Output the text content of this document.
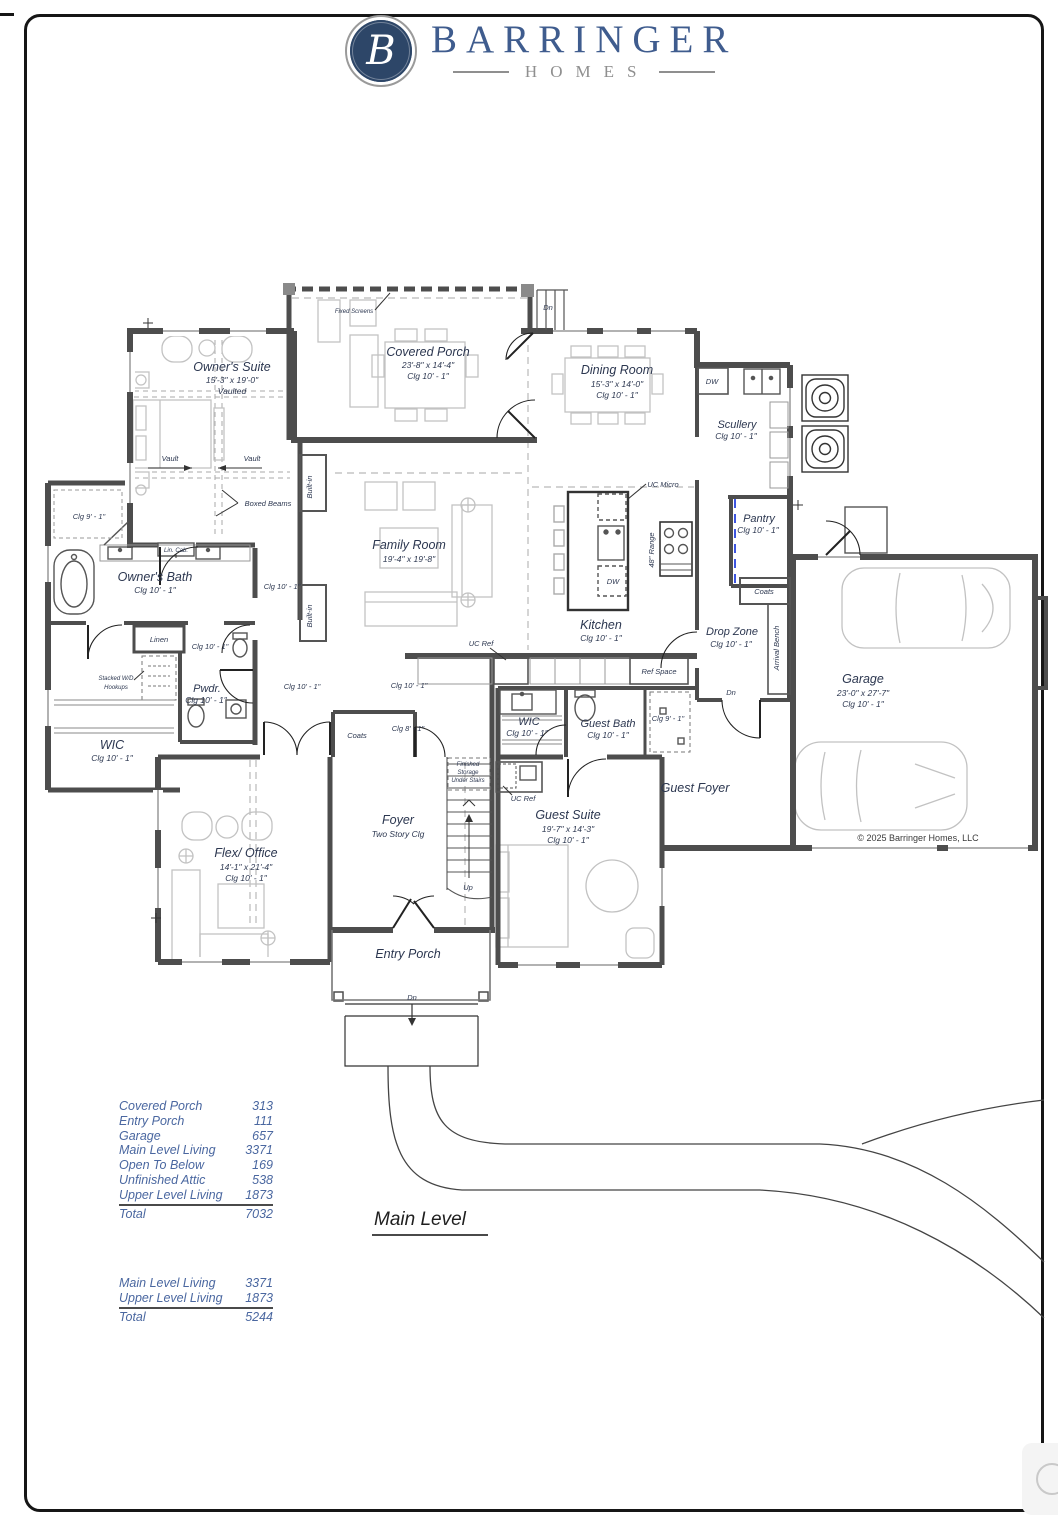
B BARRINGER
HOMES
Owner's Suite
15'-3" x 19'-0"
Vaulted
Covered Porch
23'-8" x 14'-4"
Clg 10' - 1"	Dining Room
15'-3" x 14'-0"
Clg 10' - 1"
Scullery
Clg 10' - 1"
Pantry
Clg 10' - 1"
Family Room
19'-4" x 19'-8"
Kitchen
Clg 10' - 1"
Owner's Bath
Clg 10' - 1"
WIC
Clg 10' - 1"
Pwdr.
Clg 10' - 1"
Drop Zone
Clg 10' - 1"
Garage
23'-0" x 27'-7"
Clg 10' - 1"
Flex/ Office
14'-1" x 21'-4"
Clg 10' - 1"
Foyer
Two Story Clg
Guest Suite
19'-7" x 14'-3"
Clg 10' - 1"
Guest Bath
Clg 10' - 1"
WIC
Clg 10' - 1"
Guest Foyer
Entry Porch
Fixed Screens
Vault	Vault
Boxed Beams
Built-in
Built-in
Dn
DW
UC Micro
48" Range
DW
UC Ref
Ref Space
Lin. Cab.
Linen
Stacked W/D
Hookups
Coats
Coats
Arrival Bench
Finished
Storage
Under Stairs
Up
Dn
Dn
UC Ref
Clg 9' - 1"
Clg 10' - 1"
Clg 10' - 1"
Clg 10' - 1"	Clg 10' - 1"
Clg 8' - 1"
Clg 9' - 1"
© 2025 Barringer Homes, LLC
Covered Porch	313
Entry Porch	111
Garage	657
Main Level Living 3371
Open To Below	169
Unfinished Attic	538
Upper Level Living 1873
Total	7032
Main Level Living 3371
Upper Level Living 1873
Total	5244
Main Level
